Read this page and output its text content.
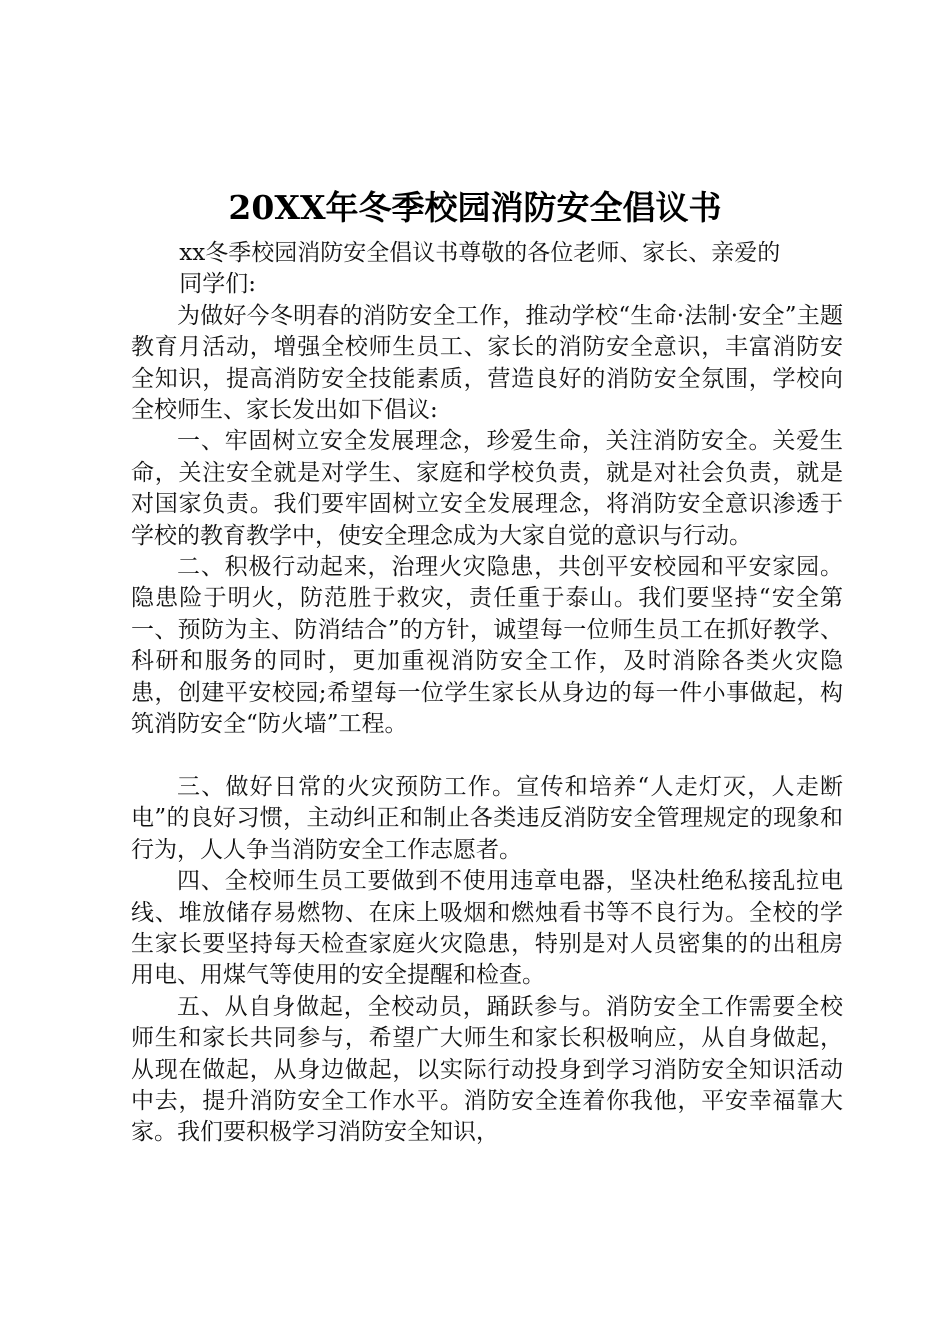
20XX年冬季校园消防安全倡议书

xx冬季校园消防安全倡议书尊敬的各位老师、家长、亲爱的

同学们:

为做好今冬明春的消防安全工作，推动学校“生命·法制·安全”主题教育月活动，增强全校师生员工、家长的消防安全意识，丰富消防安全知识，提高消防安全技能素质，营造良好的消防安全氛围，学校向全校师生、家长发出如下倡议:

一、牢固树立安全发展理念，珍爱生命，关注消防安全。关爱生命，关注安全就是对学生、家庭和学校负责，就是对社会负责，就是对国家负责。我们要牢固树立安全发展理念，将消防安全意识渗透于学校的教育教学中，使安全理念成为大家自觉的意识与行动。

二、积极行动起来，治理火灾隐患，共创平安校园和平安家园。隐患险于明火，防范胜于救灾，责任重于泰山。我们要坚持“安全第一、预防为主、防消结合”的方针，诚望每一位师生员工在抓好教学、科研和服务的同时，更加重视消防安全工作，及时消除各类火灾隐患，创建平安校园;希望每一位学生家长从身边的每一件小事做起，构筑消防安全“防火墙”工程。

三、做好日常的火灾预防工作。宣传和培养“人走灯灭，人走断电”的良好习惯，主动纠正和制止各类违反消防安全管理规定的现象和行为，人人争当消防安全工作志愿者。

四、全校师生员工要做到不使用违章电器，坚决杜绝私接乱拉电线、堆放储存易燃物、在床上吸烟和燃烛看书等不良行为。全校的学生家长要坚持每天检查家庭火灾隐患，特别是对人员密集的的出租房用电、用煤气等使用的安全提醒和检查。

五、从自身做起，全校动员，踊跃参与。消防安全工作需要全校师生和家长共同参与，希望广大师生和家长积极响应，从自身做起，从现在做起，从身边做起，以实际行动投身到学习消防安全知识活动中去，提升消防安全工作水平。消防安全连着你我他，平安幸福靠大家。我们要积极学习消防安全知识，
